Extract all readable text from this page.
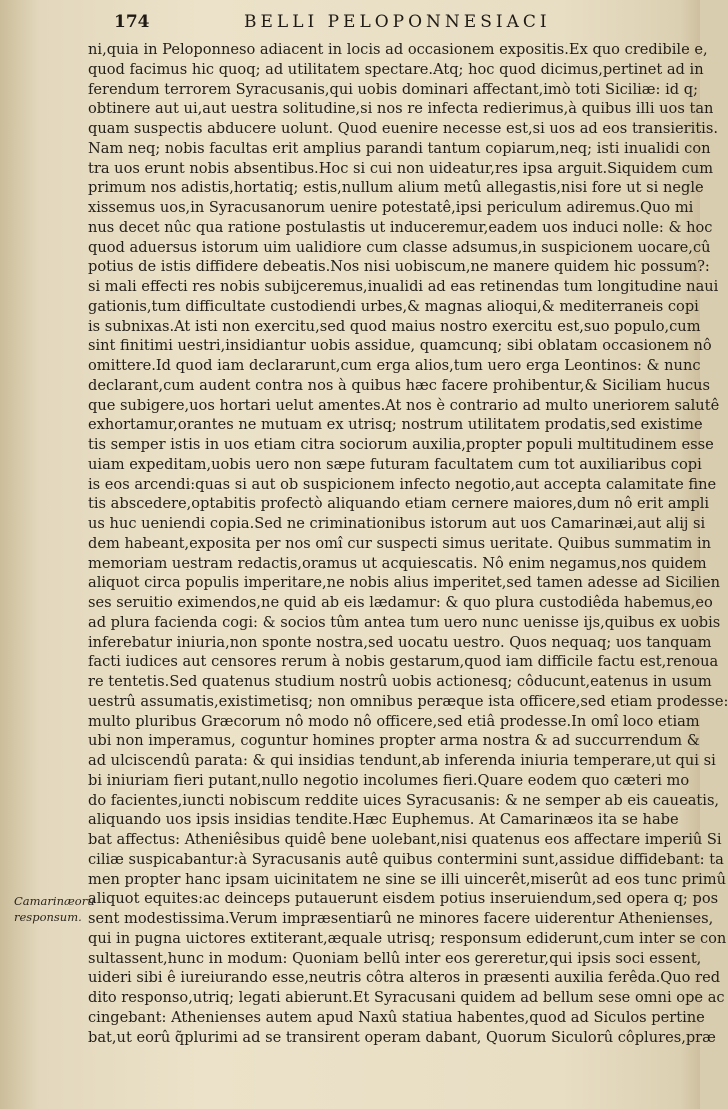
174	BELLI PELOPONNESIACI
Camarinæoru
responsum.
ni,quia in Peloponneso adiacent in locis ad occasionem expositis.Ex quo credibile e,
quod facimus hic quoq; ad utilitatem spectare.Atq; hoc quod dicimus,pertinet ad in
ferendum terrorem Syracusanis,qui uobis dominari affectant,imò toti Siciliæ: id q;
obtinere aut ui,aut uestra solitudine,si nos re infecta redierimus,à quibus illi uos tan
quam suspectis abducere uolunt. Quod euenire necesse est,si uos ad eos transieritis.
Nam neq; nobis facultas erit amplius parandi tantum copiarum,neq; isti inualidi con
tra uos erunt nobis absentibus.Hoc si cui non uideatur,res ipsa arguit.Siquidem cum
primum nos adistis,hortatiq; estis,nullum alium metû allegastis,nisi fore ut si negle
xissemus uos,in Syracusanorum uenire potestatê,ipsi periculum adiremus.Quo mi
nus decet nûc qua ratione postulastis ut induceremur,eadem uos induci nolle: & hoc
quod aduersus istorum uim ualidiore cum classe adsumus,in suspicionem uocare,cû
potius de istis diffidere debeatis.Nos nisi uobiscum,ne manere quidem hic possum?:
si mali effecti res nobis subijceremus,inualidi ad eas retinendas tum longitudine naui
gationis,tum difficultate custodiendi urbes,& magnas alioqui,& mediterraneis copi
is subnixas.At isti non exercitu,sed quod maius nostro exercitu est,suo populo,cum
sint finitimi uestri,insidiantur uobis assidue, quamcunq; sibi oblatam occasionem nô
omittere.Id quod iam declararunt,cum erga alios,tum uero erga Leontinos: & nunc
declarant,cum audent contra nos à quibus hæc facere prohibentur,& Siciliam hucus
que subigere,uos hortari uelut amentes.At nos è contrario ad multo uneriorem salutê
exhortamur,orantes ne mutuam ex utrisq; nostrum utilitatem prodatis,sed existime
tis semper istis in uos etiam citra sociorum auxilia,propter populi multitudinem esse
uiam expeditam,uobis uero non sæpe futuram facultatem cum tot auxiliaribus copi
is eos arcendi:quas si aut ob suspicionem infecto negotio,aut accepta calamitate fine
tis abscedere,optabitis profectò aliquando etiam cernere maiores,dum nô erit ampli
us huc ueniendi copia.Sed ne criminationibus istorum aut uos Camarinæi,aut alij si
dem habeant,exposita per nos omî cur suspecti simus ueritate. Quibus summatim in
memoriam uestram redactis,oramus ut acquiescatis. Nô enim negamus,nos quidem
aliquot circa populis imperitare,ne nobis alius imperitet,sed tamen adesse ad Sicilien
ses seruitio eximendos,ne quid ab eis lædamur: & quo plura custodiêda habemus,eo
ad plura facienda cogi: & socios tûm antea tum uero nunc uenisse ijs,quibus ex uobis
inferebatur iniuria,non sponte nostra,sed uocatu uestro. Quos nequaq; uos tanquam
facti iudices aut censores rerum à nobis gestarum,quod iam difficile factu est,renoua
re tentetis.Sed quatenus studium nostrû uobis actionesq; côducunt,eatenus in usum
uestrû assumatis,existimetisq; non omnibus peræque ista officere,sed etiam prodesse:
multo pluribus Græcorum nô modo nô officere,sed etiâ prodesse.In omî loco etiam
ubi non imperamus, coguntur homines propter arma nostra & ad succurrendum &
ad ulciscendû parata: & qui insidias tendunt,ab inferenda iniuria temperare,ut qui si
bi iniuriam fieri putant,nullo negotio incolumes fieri.Quare eodem quo cæteri mo
do facientes,iuncti nobiscum reddite uices Syracusanis: & ne semper ab eis caueatis,
aliquando uos ipsis insidias tendite.Hæc Euphemus. At Camarinæos ita se habe
bat affectus: Atheniêsibus quidê bene uolebant,nisi quatenus eos affectare imperiû Si
ciliæ suspicabantur:à Syracusanis autê quibus contermini sunt,assidue diffidebant: ta
men propter hanc ipsam uicinitatem ne sine se illi uincerêt,miserût ad eos tunc primû
aliquot equites:ac deinceps putauerunt eisdem potius inseruiendum,sed opera q; pos
sent modestissima.Verum impræsentiarû ne minores facere uiderentur Athenienses,
qui in pugna uictores extiterant,æquale utrisq; responsum ediderunt,cum inter se con
sultassent,hunc in modum: Quoniam bellû inter eos gereretur,qui ipsis soci essent,
uideri sibi ê iureiurando esse,neutris côtra alteros in præsenti auxilia ferêda.Quo red
dito responso,utriq; legati abierunt.Et Syracusani quidem ad bellum sese omni ope ac
cingebant: Athenienses autem apud Naxû statiua habentes,quod ad Siculos pertine
bat,ut eorû q̃plurimi ad se transirent operam dabant, Quorum Siculorû côplures,præ
